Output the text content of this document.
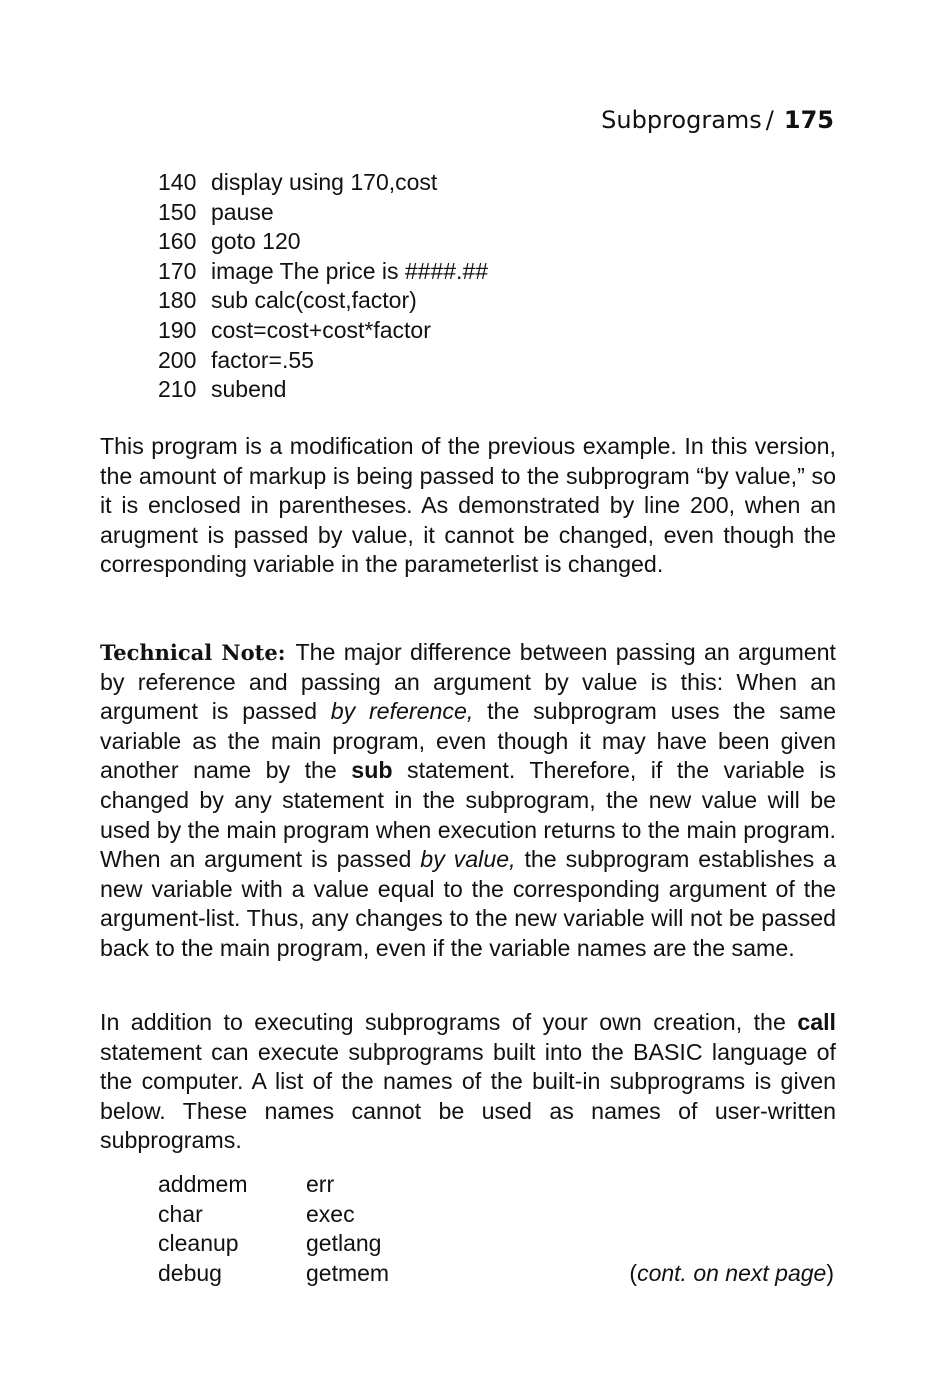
Subprograms / 175
140 display using 170,cost
150 pause
160 goto 120
170 image The price is ####.##
180 sub calc(cost,factor)
190 cost=cost+cost*factor
200 factor=.55
210 subend

This program is a modification of the previous example. In this version, the amount of markup is being passed to the subprogram “by value,” so it is enclosed in parentheses. As demonstrated by line 200, when an arugment is passed by value, it cannot be changed, even though the corresponding variable in the parameterlist is changed.

Technical Note: The major difference between passing an argument by reference and passing an argument by value is this: When an argument is passed by reference, the subprogram uses the same variable as the main program, even though it may have been given another name by the sub statement. Therefore, if the variable is changed by any statement in the subprogram, the new value will be used by the main program when execution returns to the main program. When an argument is passed by value, the subprogram establishes a new variable with a value equal to the corresponding argument of the argument-list. Thus, any changes to the new variable will not be passed back to the main program, even if the variable names are the same.

In addition to executing subprograms of your own creation, the call statement can execute subprograms built into the BASIC language of the computer. A list of the names of the built-in subprograms is given below. These names cannot be used as names of user-written subprograms.

addmem	err
char	exec
cleanup	getlang
debug	getmem	(cont. on next page)
